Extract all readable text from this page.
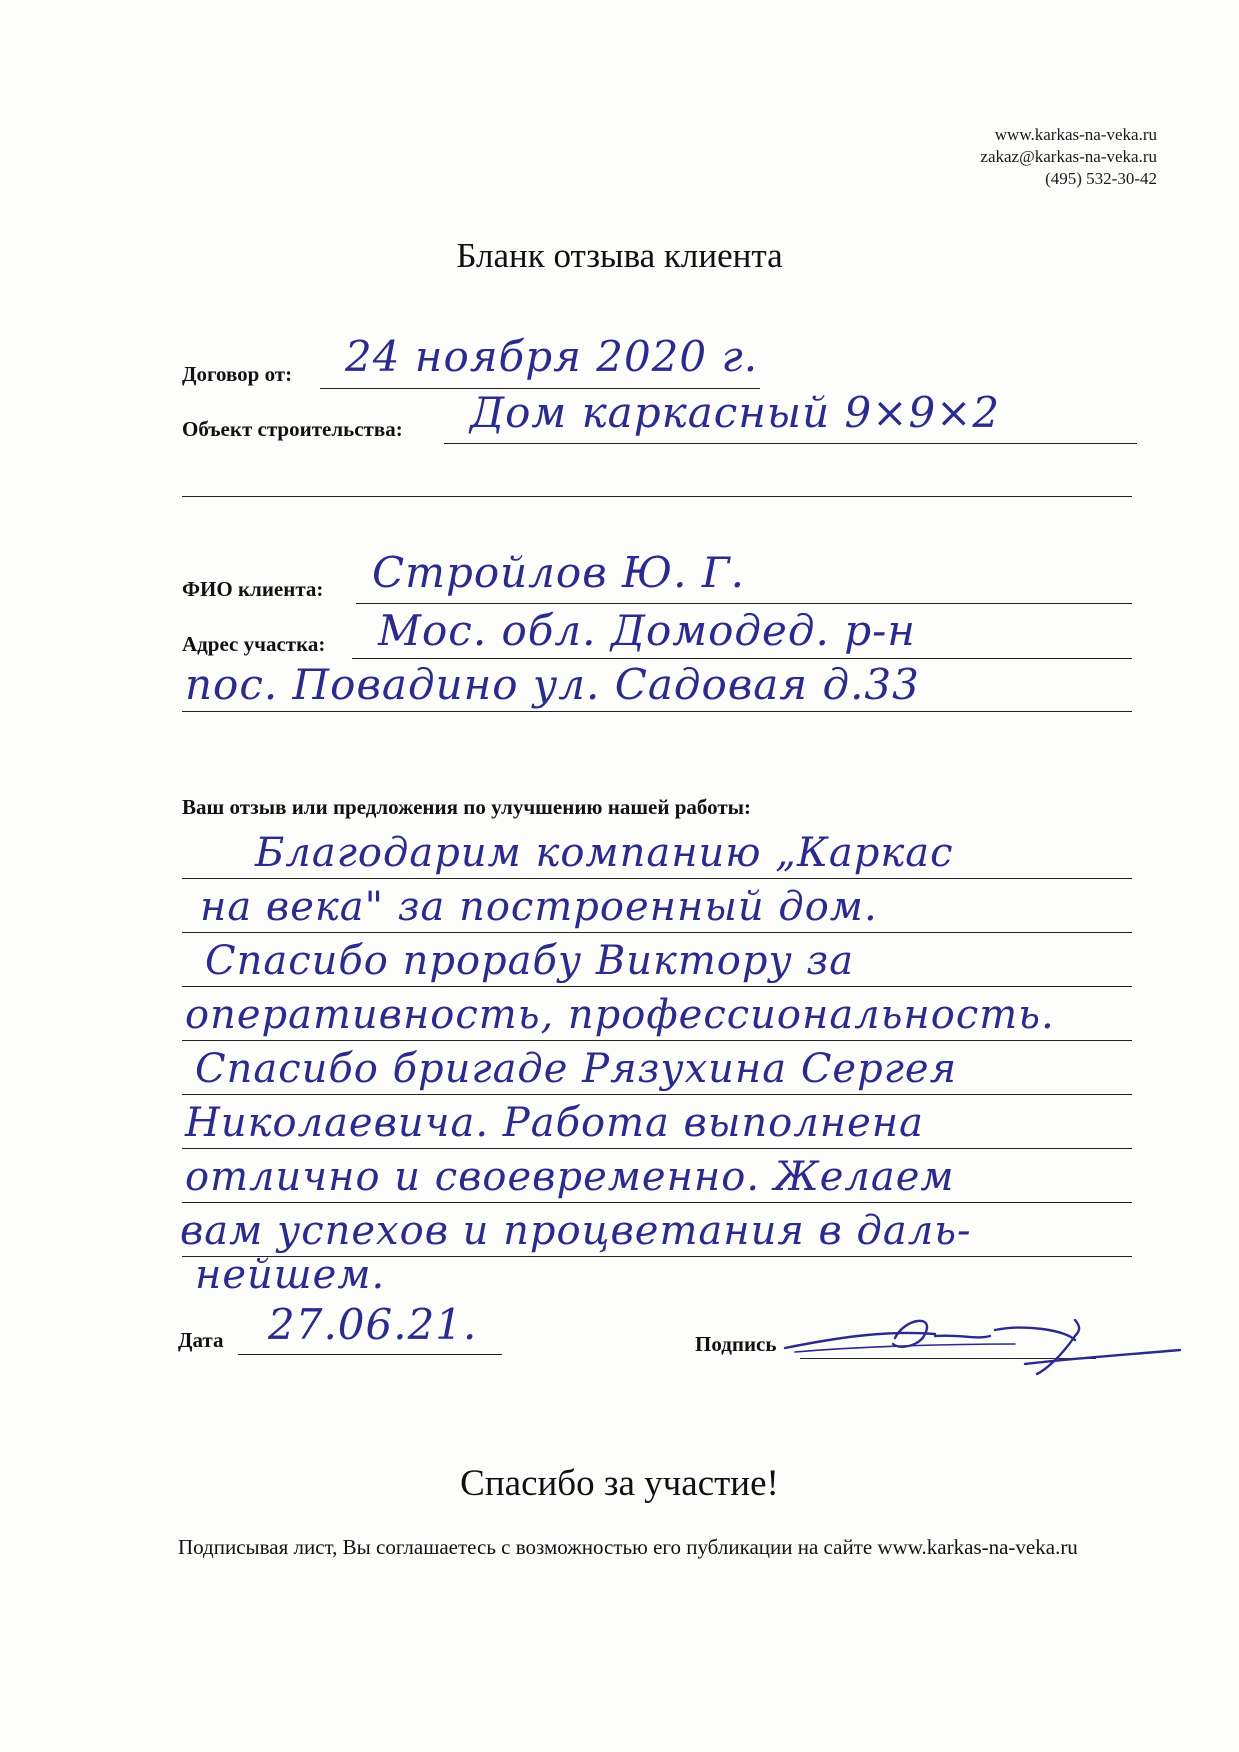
www.karkas-na-veka.ru
zakaz@karkas-na-veka.ru
(495) 532-30-42
Бланк отзыва клиента
Договор от: 24 ноября 2020 г.
Объект строительства: Дом каркасный 9×9×2
ФИО клиента: Стройлов Ю. Г.
Адрес участка: Мос. обл. Домодед. р-н
пос. Повадино ул. Садовая д.33
Ваш отзыв или предложения по улучшению нашей работы:
Благодарим компанию „Каркас
на века" за построенный дом.
Спасибо прорабу Виктору за
оперативность, профессиональность.
Спасибо бригаде Рязухина Сергея
Николаевича. Работа выполнена
отлично и своевременно. Желаем
вам успехов и процветания в даль-
нейшем.
Дата 27.06.21.	Подпись
Спасибо за участие!
Подписывая лист, Вы соглашаетесь с возможностью его публикации на сайте www.karkas-na-veka.ru
